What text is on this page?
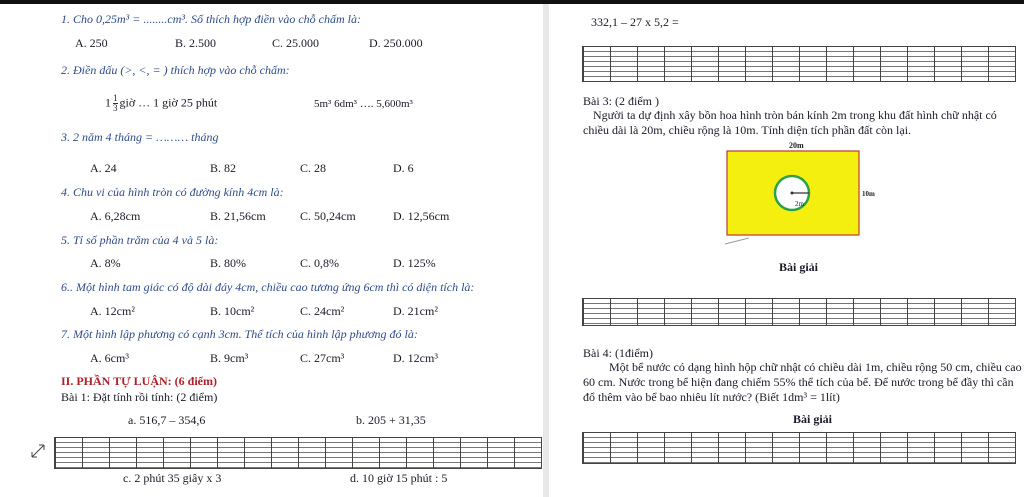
1. Cho 0,25m³ = ........cm³. Số thích hợp điền vào chỗ chấm là:
A. 250	B. 2.500	C. 25.000	D. 250.000
2. Điền dấu (>, <, = ) thích hợp vào chỗ chấm:
$1 \frac{1}{3}$ giờ … 1 giờ 25 phút	5m³ 6dm³ …. 5,600m³
3. 2 năm 4 tháng = ……… tháng
A. 24	B. 82	C. 28	D. 6
4. Chu vi của hình tròn có đường kính 4cm là:
A. 6,28cm	B. 21,56cm	C. 50,24cm	D. 12,56cm
5. Tỉ số phần trăm của 4 và 5 là:
A. 8%	B. 80%	C. 0,8%	D. 125%
6.. Một hình tam giác có độ dài đáy 4cm, chiều cao tương ứng 6cm thì có diện tích là:
A. 12cm²	B. 10cm²	C. 24cm²	D. 21cm²
7. Một hình lập phương có cạnh 3cm. Thể tích của hình lập phương đó là:
A. 6cm³	B. 9cm³	C. 27cm³	D. 12cm³
II. PHẦN TỰ LUẬN: (6 điểm)
Bài 1: Đặt tính rồi tính: (2 điểm)
a. 516,7 – 354,6	b. 205 + 31,35
c. 2 phút 35 giây x 3	d. 10 giờ 15 phút : 5
332,1 – 27 x 5,2 =
Bài 3: (2 điểm )
Người ta dự định xây bồn hoa hình tròn bán kính 2m trong khu đất hình chữ nhật có
chiều dài là 20m, chiều rộng là 10m. Tính diện tích phần đất còn lại.
20m
10m
2m
Bài giải
Bài 4: (1điểm)
Một bể nước có dạng hình hộp chữ nhật có chiều dài 1m, chiều rộng 50 cm, chiều cao
60 cm. Nước trong bể hiện đang chiếm 55% thể tích của bể. Để nước trong bể đầy thì cần
đổ thêm vào bể bao nhiêu lít nước? (Biết 1dm³ = 1lít)
Bài giải
